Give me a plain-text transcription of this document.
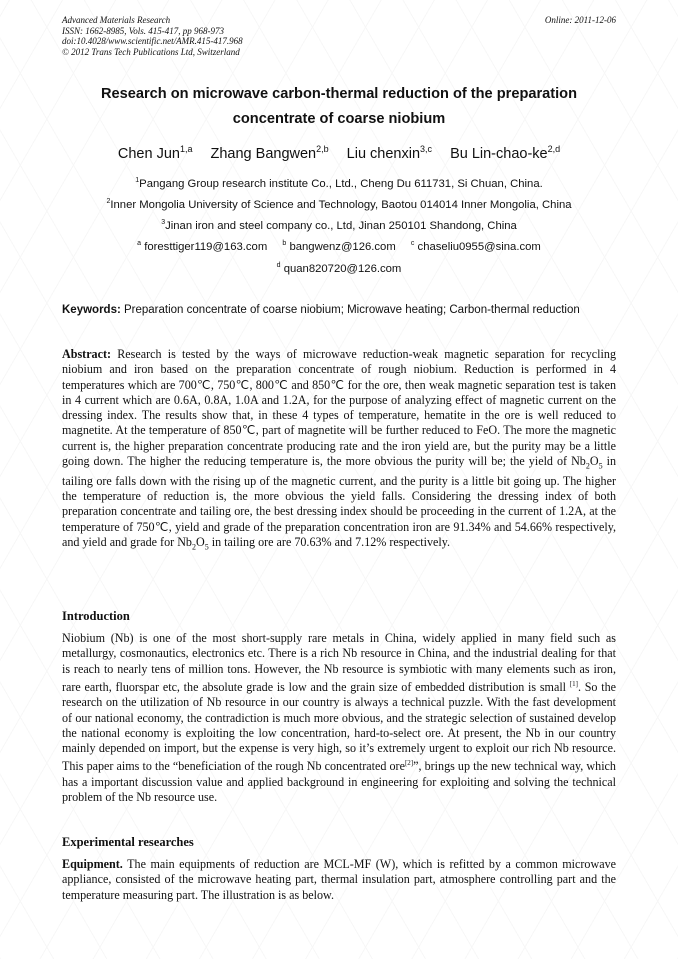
Advanced Materials Research
ISSN: 1662-8985, Vols. 415-417, pp 968-973
doi:10.4028/www.scientific.net/AMR.415-417.968
© 2012 Trans Tech Publications Ltd, Switzerland
Online: 2011-12-06
Research on microwave carbon-thermal reduction of the preparation
concentrate of coarse niobium
Chen Jun$^{1,a}$ Zhang Bangwen$^{2,b}$ Liu chenxin$^{3,c}$ Bu Lin-chao-ke$^{2,d}$
$^1$Pangang Group research institute Co., Ltd., Cheng Du 611731, Si Chuan, China.
$^2$Inner Mongolia University of Science and Technology, Baotou 014014 Inner Mongolia, China
$^3$Jinan iron and steel company co., Ltd, Jinan 250101 Shandong, China
$^a$ foresttiger119@163.com $^b$ bangwenz@126.com $^c$ chaseliu0955@sina.com
$^d$ quan820720@126.com
Keywords: Preparation concentrate of coarse niobium; Microwave heating; Carbon-thermal reduction
Abstract: Research is tested by the ways of microwave reduction-weak magnetic separation for recycling niobium and iron based on the preparation concentrate of rough niobium. Reduction is performed in 4 temperatures which are 700℃, 750℃, 800℃ and 850℃ for the ore, then weak magnetic separation test is taken in 4 current which are 0.6A, 0.8A, 1.0A and 1.2A, for the purpose of analyzing effect of magnetic current on the dressing index. The results show that, in these 4 types of temperature, hematite in the ore is well reduced to magnetite. At the temperature of 850℃, part of magnetite will be further reduced to FeO. The more the magnetic current is, the higher preparation concentrate producing rate and the iron yield are, but the purity may be a little going down. The higher the reducing temperature is, the more obvious the purity will be; the yield of $Nb_2O_5$ in tailing ore falls down with the rising up of the magnetic current, and the purity is a little bit going up. The higher the temperature of reduction is, the more obvious the yield falls. Considering the dressing index of both preparation concentrate and tailing ore, the best dressing index should be proceeding in the current of 1.2A, at the temperature of 750℃, yield and grade of the preparation concentration iron are 91.34% and 54.66% respectively, and yield and grade for $Nb_2O_5$ in tailing ore are 70.63% and 7.12% respectively.
Introduction
Niobium (Nb) is one of the most short-supply rare metals in China, widely applied in many field such as metallurgy, cosmonautics, electronics etc. There is a rich Nb resource in China, and the industrial dealing for that is reach to nearly tens of million tons. However, the Nb resource is symbiotic with many elements such as iron, rare earth, fluorspar etc, the absolute grade is low and the grain size of embedded distribution is small [1]. So the research on the utilization of Nb resource in our country is always a technical puzzle. With the fast development of our national economy, the contradiction is much more obvious, and the strategic selection of sustained develop the national economy is exploiting the low concentration, hard-to-select ore. At present, the Nb in our country mainly depended on import, but the expense is very high, so it’s extremely urgent to exploit our rich Nb resource. This paper aims to the “beneficiation of the rough Nb concentrated ore[2]”, brings up the new technical way, which has a important discussion value and applied background in engineering for exploiting and solving the technical problem of the Nb resource use.
Experimental researches
Equipment. The main equipments of reduction are MCL-MF (W), which is refitted by a common microwave appliance, consisted of the microwave heating part, thermal insulation part, atmosphere controlling part and the temperature measuring part. The illustration is as below.
